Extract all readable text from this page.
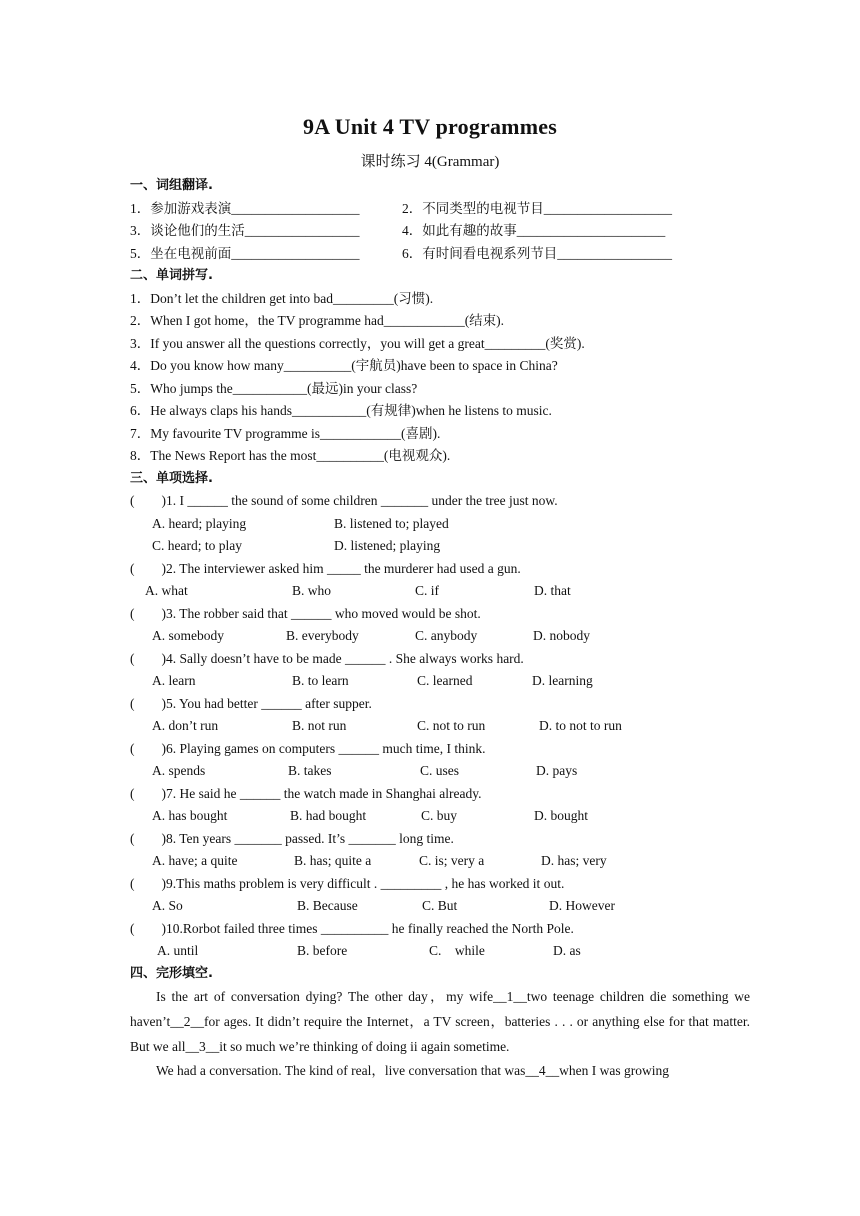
9A Unit 4 TV programmes
课时练习 4(Grammar)
一、词组翻译.
1．参加游戏表演___________________	2．不同类型的电视节目___________________
3．谈论他们的生活_________________	4．如此有趣的故事______________________
5．坐在电视前面___________________	6．有时间看电视系列节目_________________
二、单词拼写.
1．Don’t let the children get into bad_________(习惯).
2．When I got home，the TV programme had____________(结束).
3．If you answer all the questions correctly，you will get a great_________(奖赏).
4．Do you know how many__________(宇航员)have been to space in China?
5．Who jumps the___________(最远)in your class?
6．He always claps his hands___________(有规律)when he listens to music.
7．My favourite TV programme is____________(喜剧).
8．The News Report has the most__________(电视观众).
三、单项选择.
(　　)1. I ______ the sound of some children _______ under the tree just now.
A. heard; playing	B. listened to; played
C. heard; to play	D. listened; playing
(　　)2. The interviewer asked him _____ the murderer had used a gun.
A. what	B. who	C. if	D. that
(　　)3. The robber said that ______ who moved would be shot.
A. somebody	B. everybody	C. anybody	D. nobody
(　　)4. Sally doesn’t have to be made ______ . She always works hard.
A. learn	B. to learn	C. learned	D. learning
(　　)5. You had better ______ after supper.
A. don’t run	B. not run	C. not to run	D. to not to run
(　　)6. Playing games on computers ______ much time, I think.
A. spends	B. takes	C. uses	D. pays
(　　)7. He said he ______ the watch made in Shanghai already.
A. has bought	B. had bought	C. buy	D. bought
(　　)8. Ten years _______ passed. It’s _______ long time.
A. have; a quite	B. has; quite a	C. is; very a	D. has; very
(　　)9.This maths problem is very difficult . _________ , he has worked it out.
A. So	B. Because	C. But	D. However
(　　)10.Rorbot failed three times __________ he finally reached the North Pole.
A. until	B. before	C.　while	D. as
四、完形填空.

Is the art of conversation dying? The other day，my wife__1__two teenage children die something we haven’t__2__for ages. It didn’t require the Internet，a TV screen，batteries . . . or anything else for that matter. But we all__3__it so much we’re thinking of doing ii again sometime.

We had a conversation. The kind of real，live conversation that was__4__when I was growing
